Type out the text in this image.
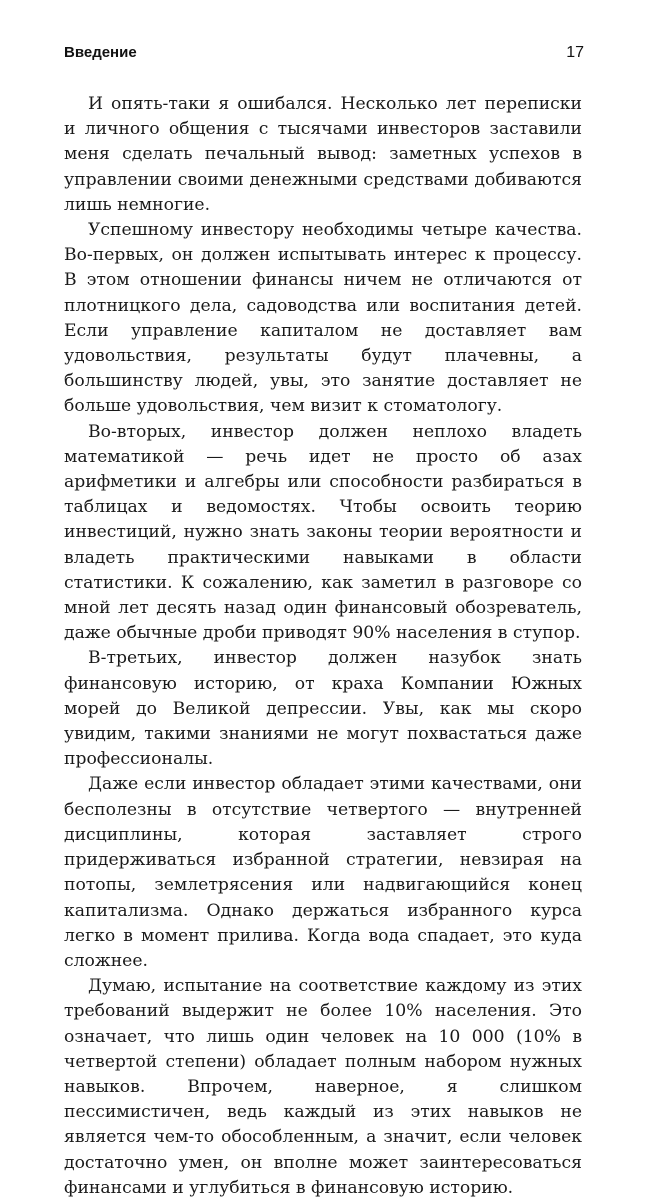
Введение	17

И опять-таки я ошибался. Несколько лет переписки и личного общения с тысячами инвесторов заставили меня сделать печальный вывод: заметных успехов в управлении своими денежными средствами добиваются лишь немногие.

Успешному инвестору необходимы четыре качества. Во-первых, он должен испытывать интерес к процессу. В этом отношении финансы ничем не отличаются от плотницкого дела, садоводства или воспитания детей. Если управление капиталом не доставляет вам удовольствия, результаты будут плачевны, а большинству людей, увы, это занятие доставляет не больше удовольствия, чем визит к стоматологу.

Во-вторых, инвестор должен неплохо владеть математикой — речь идет не просто об азах арифметики и алгебры или способности разбираться в таблицах и ведомостях. Чтобы освоить теорию инвестиций, нужно знать законы теории вероятности и владеть практическими навыками в области статистики. К сожалению, как заметил в разговоре со мной лет десять назад один финансовый обозреватель, даже обычные дроби приводят 90% населения в ступор.

В-третьих, инвестор должен назубок знать финансовую историю, от краха Компании Южных морей до Великой депрессии. Увы, как мы скоро увидим, такими знаниями не могут похвастаться даже профессионалы.

Даже если инвестор обладает этими качествами, они бесполезны в отсутствие четвертого — внутренней дисциплины, которая заставляет строго придерживаться избранной стратегии, невзирая на потопы, землетрясения или надвигающийся конец капитализма. Однако держаться избранного курса легко в момент прилива. Когда вода спадает, это куда сложнее.

Думаю, испытание на соответствие каждому из этих требований выдержит не более 10% населения. Это означает, что лишь один человек на 10 000 (10% в четвертой степени) обладает полным набором нужных навыков. Впрочем, наверное, я слишком пессимистичен, ведь каждый из этих навыков не является чем-то обособленным, а значит, если человек достаточно умен, он вполне может заинтересоваться финансами и углубиться в финансовую историю.
